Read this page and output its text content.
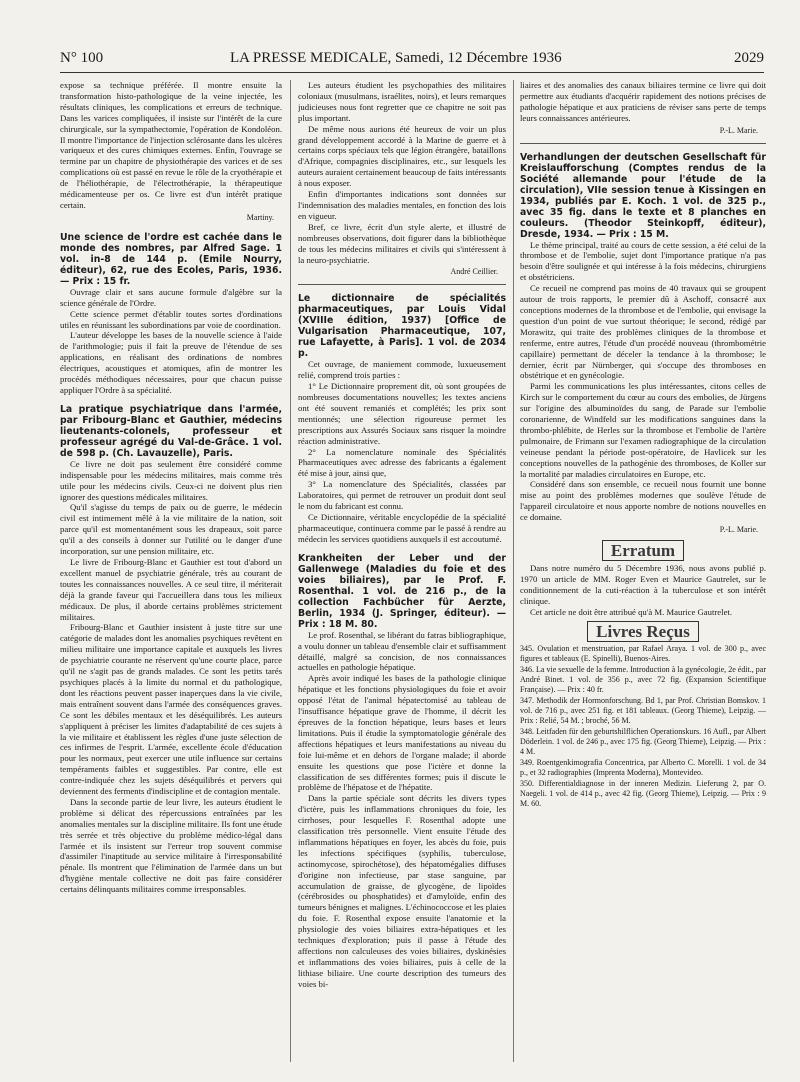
N° 100	LA PRESSE MEDICALE, Samedi, 12 Décembre 1936	2029

expose sa technique préférée. Il montre ensuite la transformation histo-pathologique de la veine injectée, les résultats cliniques, les complications et erreurs de technique. Dans les varices compliquées, il insiste sur l'intérêt de la cure chirurgicale, sur la sympathectomie, l'opération de Kondoléon. Il montre l'importance de l'injection sclérosante dans les ulcères variqueux et des cures chimiques externes. Enfin, l'ouvrage se termine par un chapitre de physiothérapie des varices et de ses complications où est passé en revue le rôle de la cryothérapie et de l'héliothérapie, de l'électrothérapie, la thérapeutique médicamenteuse per os. Ce livre est d'un intérêt pratique certain.

Martiny.

Une science de l'ordre est cachée dans le monde des nombres, par Alfred Sage. 1 vol. in-8 de 144 p. (Emile Nourry, éditeur), 62, rue des Ecoles, Paris, 1936. — Prix : 15 fr.

Ouvrage clair et sans aucune formule d'algèbre sur la science générale de l'Ordre.

Cette science permet d'établir toutes sortes d'ordinations utiles en réunissant les subordinations par voie de coordination.

L'auteur développe les bases de la nouvelle science à l'aide de l'arithmologie; puis il fait la preuve de l'étendue de ses applications, en réalisant des ordinations de nombres électriques, acoustiques et atomiques, afin de montrer les procédés méthodiques nécessaires, pour que chacun puisse appliquer l'Ordre à sa spécialité.

La pratique psychiatrique dans l'armée, par Fribourg-Blanc et Gauthier, médecins lieutenants-colonels, professeur et professeur agrégé du Val-de-Grâce. 1 vol. de 598 p. (Ch. Lavauzelle), Paris.

Ce livre ne doit pas seulement être considéré comme indispensable pour les médecins militaires, mais comme très utile pour les médecins civils. Ceux-ci ne doivent plus rien ignorer des questions médicales militaires.

Qu'il s'agisse du temps de paix ou de guerre, le médecin civil est intimement mêlé à la vie militaire de la nation, soit parce qu'il est momentanément sous les drapeaux, soit parce qu'il a des conseils à donner sur l'utilité ou le danger d'une incorporation, sur une pension militaire, etc.

Le livre de Fribourg-Blanc et Gauthier est tout d'abord un excellent manuel de psychiatrie générale, très au courant de toutes les connaissances nouvelles. A ce seul titre, il mériterait déjà la grande faveur qui l'accueillera dans tous les milieux médicaux. De plus, il aborde certains problèmes strictement militaires.

Fribourg-Blanc et Gauthier insistent à juste titre sur une catégorie de malades dont les anomalies psychiques revêtent en milieu militaire une importance capitale et auxquels les livres de psychiatrie courante ne réservent qu'une courte place, parce qu'il ne s'agit pas de grands malades. Ce sont les petits tarés psychiques placés à la limite du normal et du pathologique, dont les réactions peuvent passer inaperçues dans la vie civile, mais entraînent souvent dans l'armée des conséquences graves. Ce sont les débiles mentaux et les déséquilibrés. Les auteurs s'appliquent à préciser les limites d'adaptabilité de ces sujets à la vie militaire et établissent les règles d'une juste sélection de ces infirmes de l'esprit. L'armée, excellente école d'éducation pour les normaux, peut exercer une utile influence sur certains tempéraments faibles et suggestibles. Par contre, elle est contre-indiquée chez les sujets déséquilibrés et pervers qui deviennent des ferments d'indiscipline et de contagion mentale.

Dans la seconde partie de leur livre, les auteurs étudient le problème si délicat des répercussions entraînées par les anomalies mentales sur la discipline militaire. Ils font une étude très serrée et très objective du problème médico-légal dans l'armée et ils insistent sur l'erreur trop souvent commise d'assimiler l'inaptitude au service militaire à l'irresponsabilité pénale. Ils montrent que l'élimination de l'armée dans un but d'hygiène mentale collective ne doit pas faire considérer certains délinquants militaires comme irresponsables.

Les auteurs étudient les psychopathies des militaires coloniaux (musulmans, israélites, noirs), et leurs remarques judicieuses nous font regretter que ce chapitre ne soit pas plus important.

De même nous aurions été heureux de voir un plus grand développement accordé à la Marine de guerre et à certains corps spéciaux tels que légion étrangère, bataillons d'Afrique, compagnies disciplinaires, etc., sur lesquels les auteurs auraient certainement beaucoup de faits intéressants à nous exposer.

Enfin d'importantes indications sont données sur l'indemnisation des maladies mentales, en fonction des lois en vigueur.

Bref, ce livre, écrit d'un style alerte, et illustré de nombreuses observations, doit figurer dans la bibliothèque de tous les médecins militaires et civils qui s'intéressent à la neuro-psychiatrie.

André Ceillier.

Le dictionnaire de spécialités pharmaceutiques, par Louis Vidal (XVIIIe édition, 1937) [Office de Vulgarisation Pharmaceutique, 107, rue Lafayette, à Paris]. 1 vol. de 2034 p.

Cet ouvrage, de maniement commode, luxueusement relié, comprend trois parties :

1° Le Dictionnaire proprement dit, où sont groupées de nombreuses documentations nouvelles; les textes anciens ont été souvent remaniés et complétés; les prix sont mentionnés; une sélection rigoureuse permet les prescriptions aux Assurés Sociaux sans risquer la moindre réaction administrative.

2° La nomenclature nominale des Spécialités Pharmaceutiques avec adresse des fabricants a également été mise à jour, ainsi que,

3° La nomenclature des Spécialités, classées par Laboratoires, qui permet de retrouver un produit dont seul le nom du fabricant est connu.

Ce Dictionnaire, véritable encyclopédie de la spécialité pharmaceutique, continuera comme par le passé à rendre au médecin les services quotidiens auxquels il est accoutumé.

Krankheiten der Leber und der Gallenwege (Maladies du foie et des voies biliaires), par le Prof. F. Rosenthal. 1 vol. de 216 p., de la collection Fachbücher für Aerzte, Berlin, 1934 (J. Springer, éditeur). — Prix : 18 M. 80.

Le prof. Rosenthal, se libérant du fatras bibliographique, a voulu donner un tableau d'ensemble clair et suffisamment détaillé, malgré sa concision, de nos connaissances actuelles en pathologie hépatique.

Après avoir indiqué les bases de la pathologie clinique hépatique et les fonctions physiologiques du foie et avoir opposé l'état de l'animal hépatectomisé au tableau de l'insuffisance hépatique grave de l'homme, il décrit les épreuves de la fonction hépatique, leurs bases et leurs limitations. Puis il étudie la symptomatologie générale des affections hépatiques et leurs manifestations au niveau du foie lui-même et en dehors de l'organe malade; il aborde ensuite les questions que pose l'ictère et donne la classification de ses différentes formes; puis il discute le problème de l'hépatose et de l'hépatite.

Dans la partie spéciale sont décrits les divers types d'ictère, puis les inflammations chroniques du foie, les cirrhoses, pour lesquelles F. Rosenthal adopte une classification très personnelle. Vient ensuite l'étude des inflammations hépatiques en foyer, les abcès du foie, puis les infections spécifiques (syphilis, tuberculose, actinomycose, spirochétose), des hépatomégalies diffuses d'origine non infectieuse, par stase sanguine, par accumulation de graisse, de glycogène, de lipoïdes (cérébrosides ou phosphatides) et d'amyloïde, enfin des tumeurs bénignes et malignes. L'échinococcose et les plaies du foie. F. Rosenthal expose ensuite l'anatomie et la physiologie des voies biliaires extra-hépatiques et les techniques d'exploration; puis il passe à l'étude des affections non calculeuses des voies biliaires, dyskinésies et inflammations des voies biliaires, puis à celle de la lithiase biliaire. Une courte description des tumeurs des voies bi-

liaires et des anomalies des canaux biliaires termine ce livre qui doit permettre aux étudiants d'acquérir rapidement des notions précises de pathologie hépatique et aux praticiens de réviser sans perte de temps leurs connaissances antérieures.

P.-L. Marie.

Verhandlungen der deutschen Gesellschaft für Kreislaufforschung (Comptes rendus de la Société allemande pour l'étude de la circulation), VIIe session tenue à Kissingen en 1934, publiés par E. Koch. 1 vol. de 325 p., avec 35 fig. dans le texte et 8 planches en couleurs. (Theodor Steinkopff, éditeur), Dresde, 1934. — Prix : 15 M.

Le thème principal, traité au cours de cette session, a été celui de la thrombose et de l'embolie, sujet dont l'importance pratique n'a pas besoin d'être soulignée et qui intéresse à la fois médecins, chirurgiens et obstétriciens.

Ce recueil ne comprend pas moins de 40 travaux qui se groupent autour de trois rapports, le premier dû à Aschoff, consacré aux conceptions modernes de la thrombose et de l'embolie, qui envisage la question d'un point de vue surtout théorique; le second, rédigé par Morawitz, qui traite des problèmes cliniques de la thrombose et renferme, entre autres, l'étude d'un procédé nouveau (thrombométrie capillaire) permettant de déceler la tendance à la thrombose; le dernier, écrit par Nürnberger, qui s'occupe des thromboses en obstétrique et en gynécologie.

Parmi les communications les plus intéressantes, citons celles de Kirch sur le comportement du cœur au cours des embolies, de Jürgens sur l'origine des albuminoïdes du sang, de Parade sur l'embolie coronarienne, de Windfeld sur les modifications sanguines dans la thrombo-phlébite, de Herles sur la thrombose et l'embolie de l'artère pulmonaire, de Frimann sur l'examen radiographique de la circulation veineuse pendant la période post-opératoire, de Havlicek sur les conceptions nouvelles de la pathogénie des thromboses, de Koller sur la mortalité par maladies circulatoires en Europe, etc.

Considéré dans son ensemble, ce recueil nous fournit une bonne mise au point des problèmes modernes que soulève l'étude de l'appareil circulatoire et nous apporte nombre de notions nouvelles en ce domaine.

P.-L. Marie.

Erratum

Dans notre numéro du 5 Décembre 1936, nous avons publié p. 1970 un article de MM. Roger Even et Maurice Gautrelet, sur le conditionnement de la cuti-réaction à la tuberculose et son intérêt clinique.

Cet article ne doit être attribué qu'à M. Maurice Gautrelet.

Livres Reçus

345. Ovulation et menstruation, par Rafael Araya. 1 vol. de 300 p., avec figures et tableaux (E. Spinelli), Buenos-Aires.

346. La vie sexuelle de la femme. Introduction à la gynécologie, 2e édit., par André Binet. 1 vol. de 356 p., avec 72 fig. (Expansion Scientifique Française). — Prix : 40 fr.

347. Methodik der Hormonforschung. Bd 1, par Prof. Christian Bomskov. 1 vol. de 716 p., avec 251 fig. et 181 tableaux. (Georg Thieme), Leipzig. — Prix : Relié, 54 M. ; broché, 56 M.

348. Leitfaden für den geburtshilflichen Operationskurs. 16 Aufl., par Albert Döderlein. 1 vol. de 246 p., avec 175 fig. (Georg Thieme), Leipzig. — Prix : 4 M.

349. Roentgenkimografia Concentrica, par Alberto C. Morelli. 1 vol. de 34 p., et 32 radiographies (Imprenta Moderna), Montevideo.

350. Differentialdiagnose in der inneren Medizin. Lieferung 2, par O. Naegeli. 1 vol. de 414 p., avec 42 fig. (Georg Thieme), Leipzig. — Prix : 9 M. 60.
